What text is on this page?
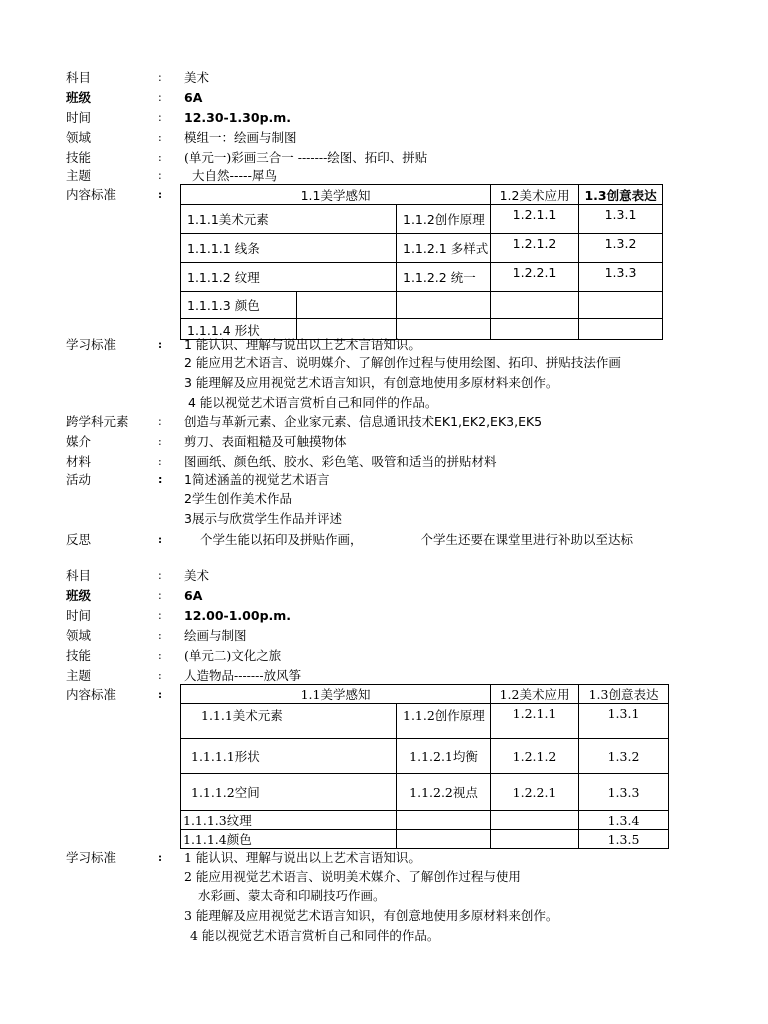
科目	: 美术
班级	: 6A
时间	: 12.30-1.30p.m.
领域	: 模组一：绘画与制图
技能	: (单元一)彩画三合一 -------绘图、拓印、拼贴
主题	: 大自然-----犀鸟
内容标准	:	1.1美学感知			1.2美术应用	1.3创意表达
1.1.1美术元素		1.1.2创作原理	1.2.1.1	1.3.1
1.1.1.1 线条		1.1.2.1 多样式	1.2.1.2	1.3.2
1.1.1.2 纹理		1.1.2.2 统一	1.2.2.1	1.3.3
1.1.1.3 颜色				
1.1.1.4 形状				
学习标准	: 1 能认识、理解与说出以上艺术言语知识。
2 能应用艺术语言、说明媒介、了解创作过程与使用绘图、拓印、拼贴技法作画
3 能理解及应用视觉艺术语言知识，有创意地使用多原材料来创作。
4 能以视觉艺术语言赏析自己和同伴的作品。
跨学科元素	: 创造与革新元素、企业家元素、信息通讯技术EK1,EK2,EK3,EK5
媒介	: 剪刀、表面粗糙及可触摸物体
材料	: 图画纸、颜色纸、胶水、彩色笔、吸管和适当的拼贴材料
活动	: 1简述涵盖的视觉艺术语言
2学生创作美术作品
3展示与欣赏学生作品并评述
反思	:	个学生能以拓印及拼贴作画，	个学生还要在课堂里进行补助以至达标
科目	: 美术
班级	: 6A
时间	: 12.00-1.00p.m.
领域	: 绘画与制图
技能	: (单元二)文化之旅
主题	: 人造物品-------放风筝
内容标准	:	1.1美学感知		1.2美术应用	1.3创意表达
1.1.1美术元素	1.1.2创作原理	1.2.1.1	1.3.1
1.1.1.1形状	1.1.2.1均衡	1.2.1.2	1.3.2
1.1.1.2空间	1.1.2.2视点	1.2.2.1	1.3.3
1.1.1.3纹理			1.3.4
1.1.1.4颜色			1.3.5
学习标准	: 1 能认识、理解与说出以上艺术言语知识。
2 能应用视觉艺术语言、说明美术媒介、了解创作过程与使用
水彩画、蒙太奇和印刷技巧作画。
3 能理解及应用视觉艺术语言知识，有创意地使用多原材料来创作。
4 能以视觉艺术语言赏析自己和同伴的作品。
